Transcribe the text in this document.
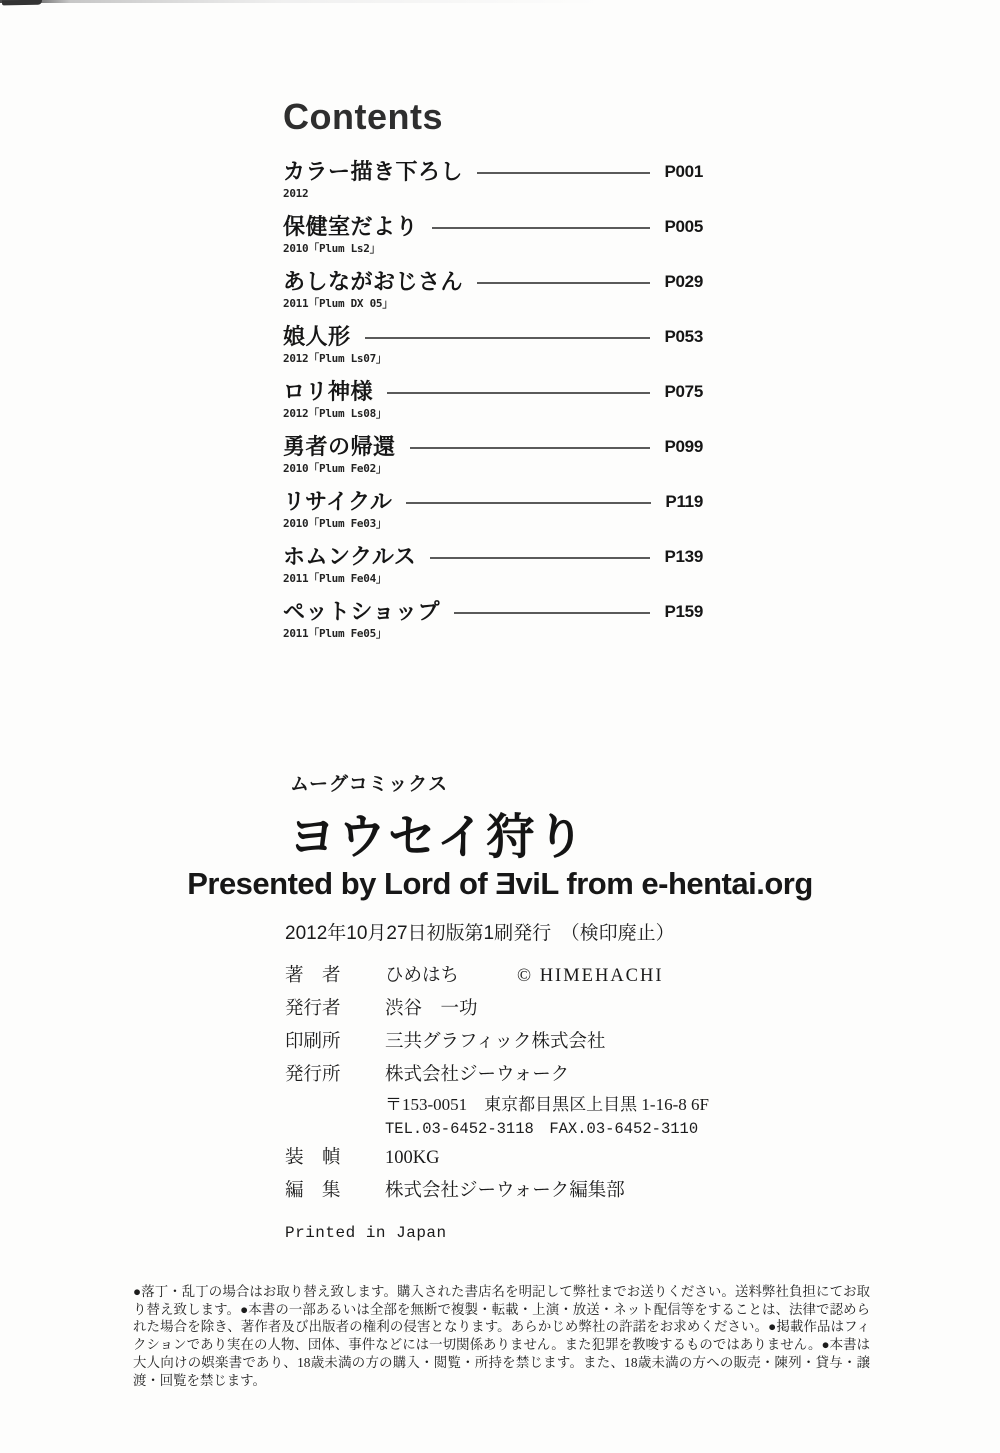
Contents
カラー描き下ろし	P001
2012
保健室だより	P005
2010「Plum Ls2」
あしながおじさん	P029
2011「Plum DX 05」
娘人形	P053
2012「Plum Ls07」
ロリ神様	P075
2012「Plum Ls08」
勇者の帰還	P099
2010「Plum Fe02」
リサイクル	P119
2010「Plum Fe03」
ホムンクルス	P139
2011「Plum Fe04」
ペットショップ	P159
2011「Plum Fe05」
ムーグコミックス
ヨウセイ狩り
Presented by Lord of ƎviL from e-hentai.org
2012年10月27日初版第1刷発行　（検印廃止）
著　者	ひめはち	© HIMEHACHI
発行者	渋谷　一功
印刷所	三共グラフィック株式会社
発行所	株式会社ジーウォーク
〒153-0051　東京都目黒区上目黒 1-16-8 6F
TEL.03-6452-3118　FAX.03-6452-3110
装　幀	100KG
編　集	株式会社ジーウォーク編集部
Printed in Japan
●落丁・乱丁の場合はお取り替え致します。購入された書店名を明記して弊社までお送りください。送料弊社負担にてお取り替え致します。●本書の一部あるいは全部を無断で複製・転載・上演・放送・ネット配信等をすることは、法律で認められた場合を除き、著作者及び出版者の権利の侵害となります。あらかじめ弊社の許諾をお求めください。●掲載作品はフィクションであり実在の人物、団体、事件などには一切関係ありません。また犯罪を教唆するものではありません。●本書は大人向けの娯楽書であり、18歳未満の方の購入・閲覧・所持を禁じます。また、18歳未満の方への販売・陳列・貸与・譲渡・回覧を禁じます。
